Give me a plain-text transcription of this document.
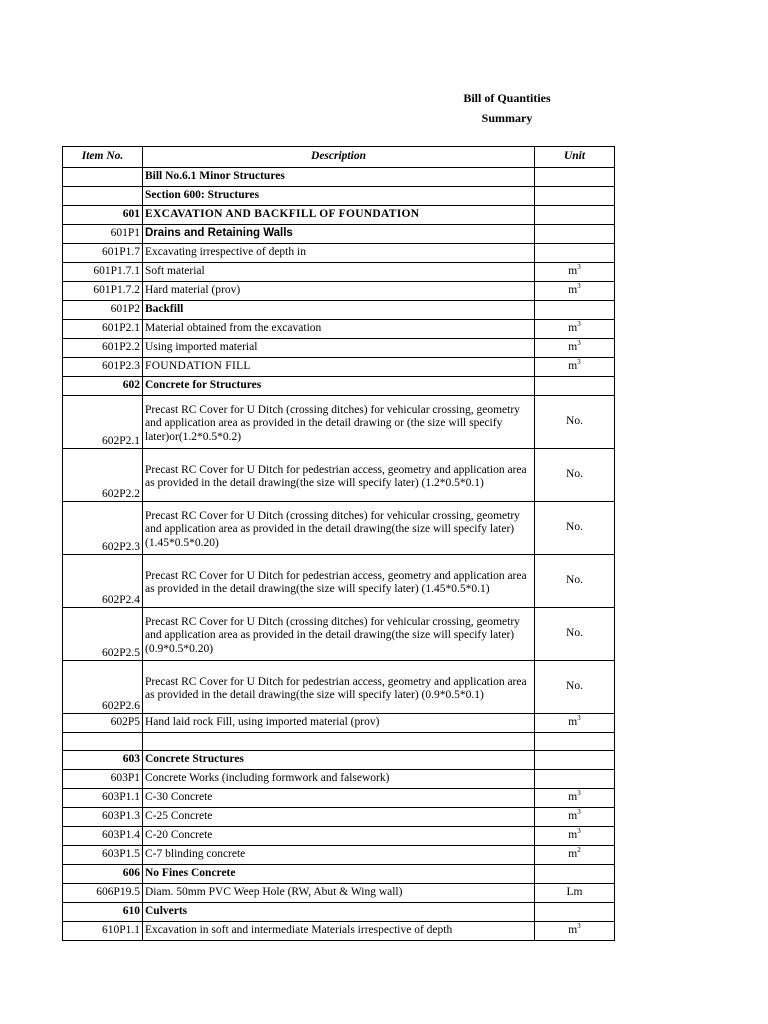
Bill of Quantities
Summary
Item No.	Description	Unit
	Bill No.6.1 Minor Structures	
	Section 600: Structures	
601	EXCAVATION AND BACKFILL OF FOUNDATION	
601P1	Drains and Retaining Walls	
601P1.7	Excavating irrespective of depth in	
601P1.7.1	Soft material	$m^3$
601P1.7.2	Hard material (prov)	$m^3$
601P2	Backfill	
601P2.1	Material obtained from the excavation	$m^3$
601P2.2	Using imported material	$m^3$
601P2.3	FOUNDATION FILL	$m^3$
602	Concrete for Structures	
602P2.1	Precast RC Cover for U Ditch (crossing ditches) for vehicular crossing, geometry and application area as provided in the detail drawing or (the size will specify later)or(1.2*0.5*0.2)	No.
602P2.2	Precast RC Cover for U Ditch for pedestrian access, geometry and application area as provided in the detail drawing(the size will specify later) (1.2*0.5*0.1)	No.
602P2.3	Precast RC Cover for U Ditch (crossing ditches) for vehicular crossing, geometry and application area as provided in the detail drawing(the size will specify later)(1.45*0.5*0.20)	No.
602P2.4	Precast RC Cover for U Ditch for pedestrian access, geometry and application area as provided in the detail drawing(the size will specify later) (1.45*0.5*0.1)	No.
602P2.5	Precast RC Cover for U Ditch (crossing ditches) for vehicular crossing, geometry and application area as provided in the detail drawing(the size will specify later)(0.9*0.5*0.20)	No.
602P2.6	Precast RC Cover for U Ditch for pedestrian access, geometry and application area as provided in the detail drawing(the size will specify later) (0.9*0.5*0.1)	No.
602P5	Hand laid rock Fill, using imported material (prov)	$m^3$

603	Concrete Structures	
603P1	Concrete Works (including formwork and falsework)	
603P1.1	C-30 Concrete	$m^3$
603P1.3	C-25 Concrete	$m^3$
603P1.4	C-20 Concrete	$m^3$
603P1.5	C-7 blinding concrete	$m^2$
606	No Fines Concrete	
606P19.5	Diam. 50mm PVC Weep Hole (RW, Abut & Wing wall)	Lm
610	Culverts	
610P1.1	Excavation in soft and intermediate Materials irrespective of depth	$m^3$
